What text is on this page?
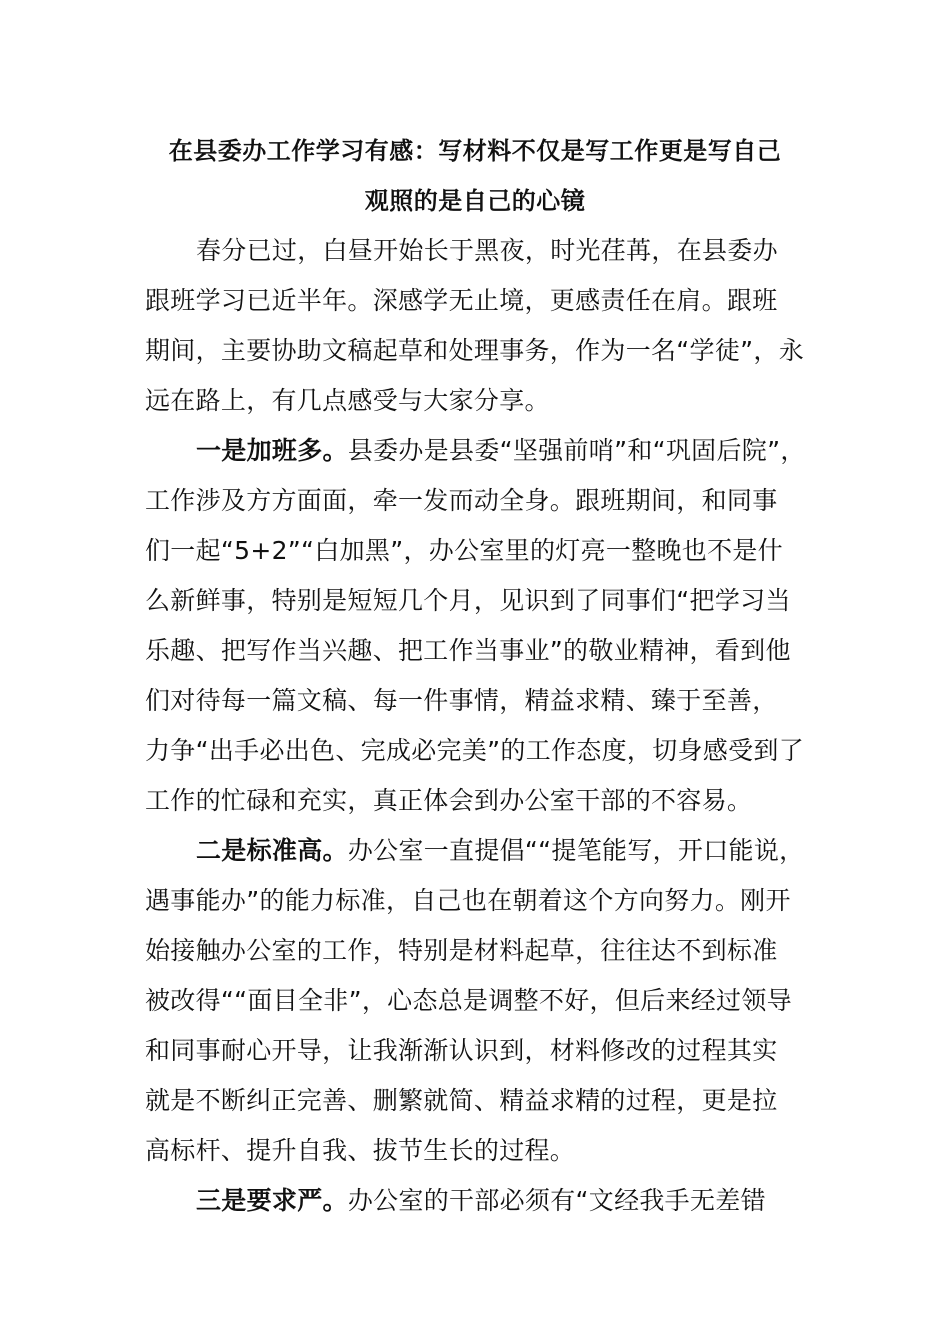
在县委办工作学习有感：写材料不仅是写工作更是写自己
观照的是自己的心镜
春分已过，白昼开始长于黑夜，时光荏苒，在县委办
跟班学习已近半年。深感学无止境，更感责任在肩。跟班
期间，主要协助文稿起草和处理事务，作为一名“学徒”，永
远在路上，有几点感受与大家分享。
一是加班多。县委办是县委“坚强前哨”和“巩固后院”，
工作涉及方方面面，牵一发而动全身。跟班期间，和同事
们一起“5+2”“白加黑”，办公室里的灯亮一整晚也不是什
么新鲜事，特别是短短几个月，见识到了同事们“把学习当
乐趣、把写作当兴趣、把工作当事业”的敬业精神，看到他
们对待每一篇文稿、每一件事情，精益求精、臻于至善，
力争“出手必出色、完成必完美”的工作态度，切身感受到了
工作的忙碌和充实，真正体会到办公室干部的不容易。
二是标准高。办公室一直提倡““提笔能写，开口能说，
遇事能办”的能力标准，自己也在朝着这个方向努力。刚开
始接触办公室的工作，特别是材料起草，往往达不到标准
被改得““面目全非”，心态总是调整不好，但后来经过领导
和同事耐心开导，让我渐渐认识到，材料修改的过程其实
就是不断纠正完善、删繁就简、精益求精的过程，更是拉
高标杆、提升自我、拔节生长的过程。
三是要求严。办公室的干部必须有“文经我手无差错
